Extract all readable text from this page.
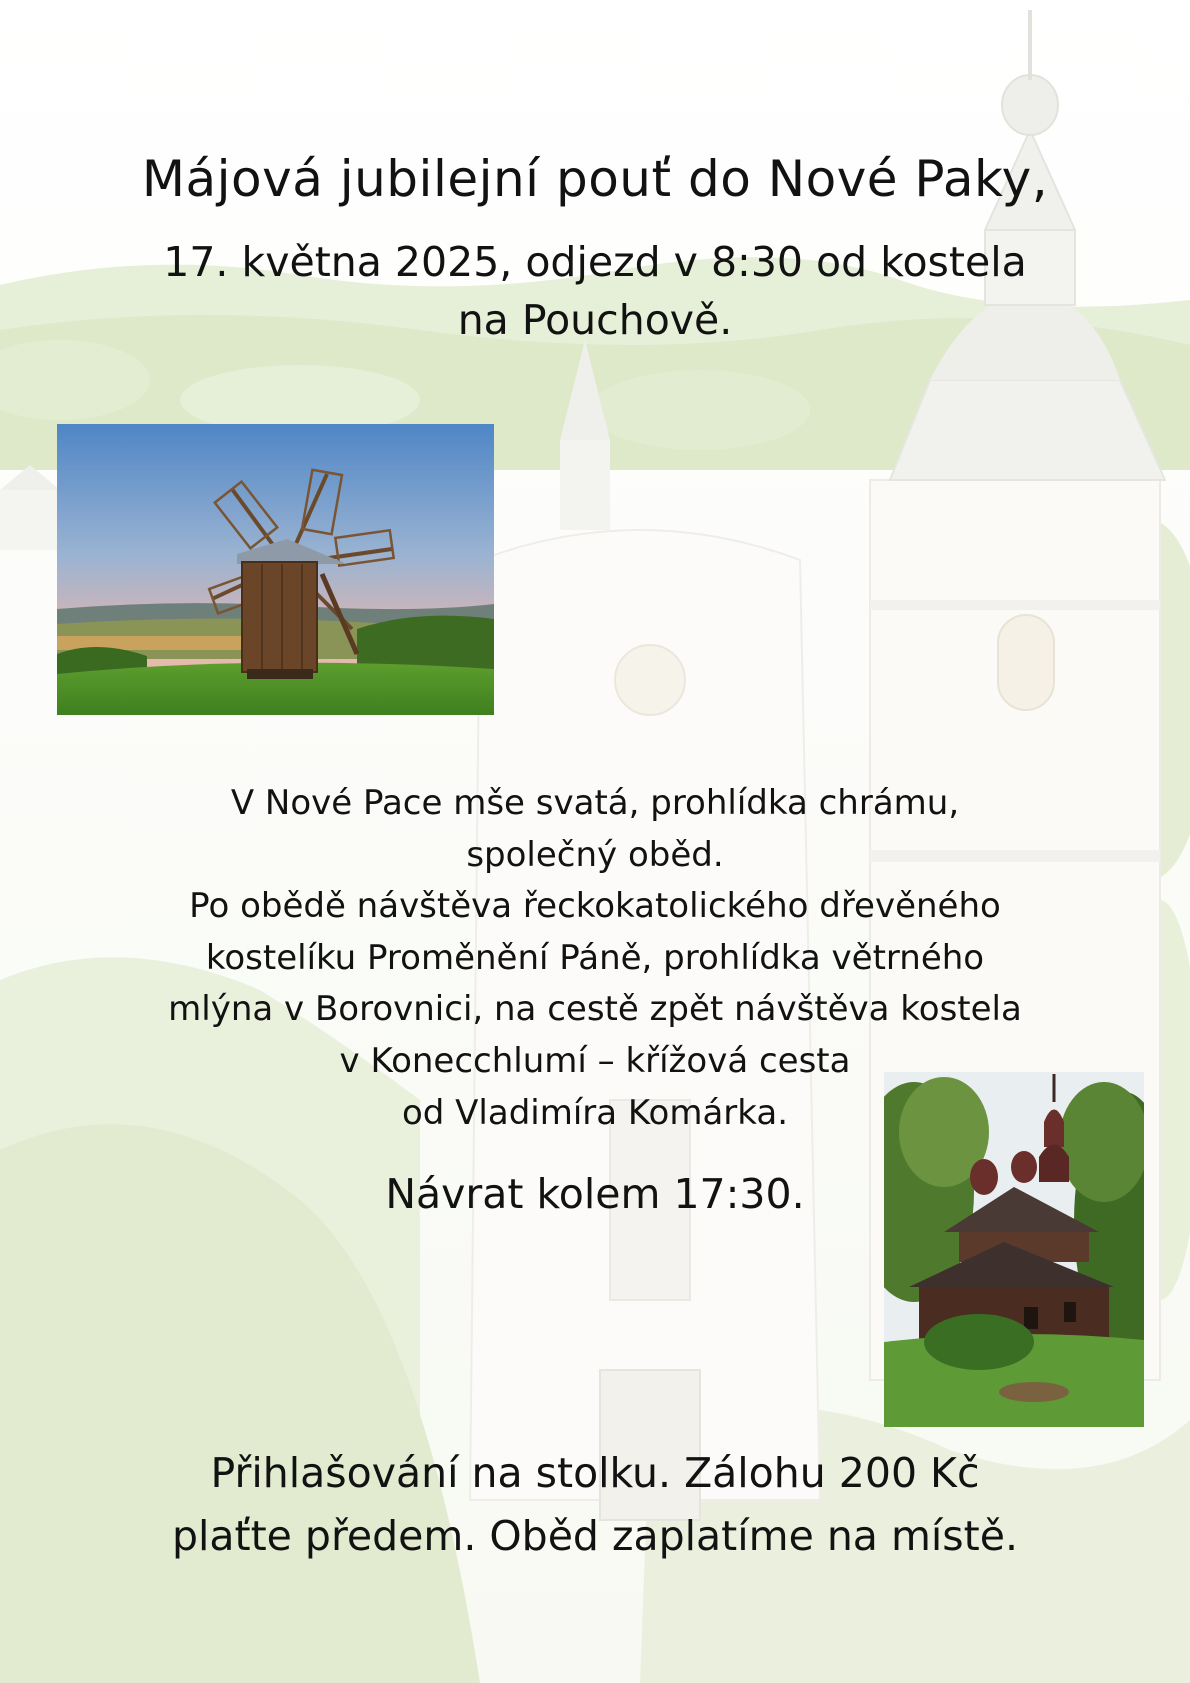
Májová jubilejní pouť do Nové Paky,
17. května 2025, odjezd v 8:30 od kostela
na Pouchově.
V Nové Pace mše svatá, prohlídka chrámu,
společný oběd.
Po obědě návštěva řeckokatolického dřevěného
kostelíku Proměnění Páně, prohlídka větrného
mlýna v Borovnici, na cestě zpět návštěva kostela
v Konecchlumí – křížová cesta
od Vladimíra Komárka.
Návrat kolem 17:30.
Přihlašování na stolku. Zálohu 200 Kč
plaťte předem. Oběd zaplatíme na místě.
